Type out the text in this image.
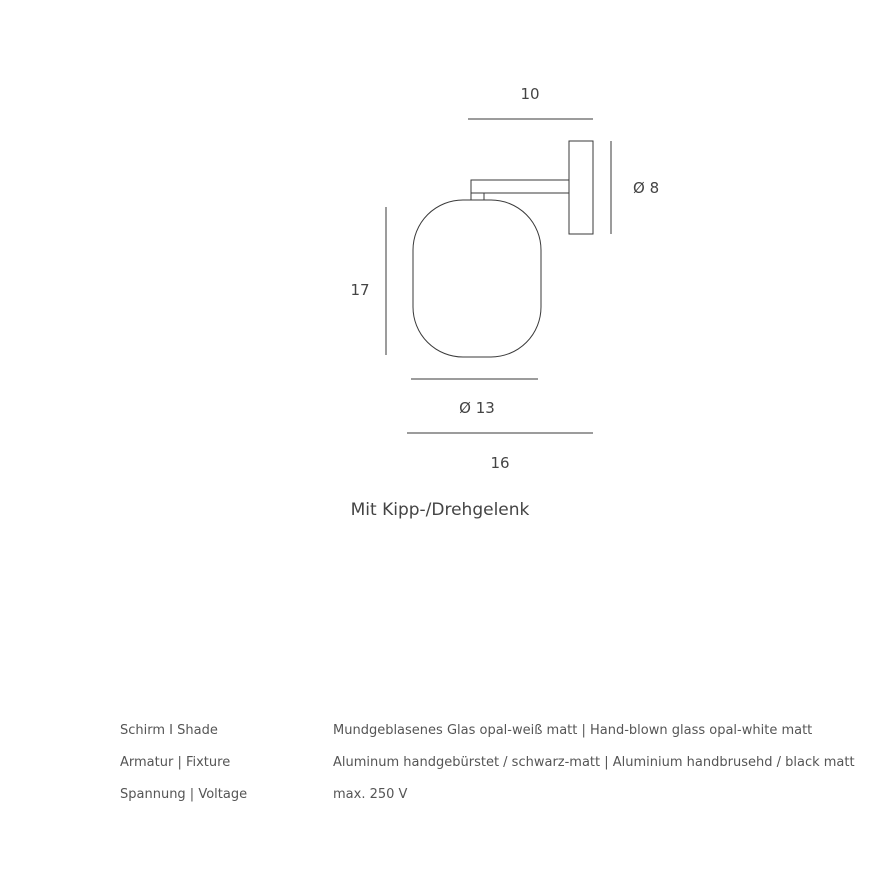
10
Ø 8
17
Ø 13
16
Mit Kipp-/Drehgelenk
Schirm I Shade	Mundgeblasenes Glas opal-weiß matt | Hand-blown glass opal-white matt
Armatur | Fixture	Aluminum handgebürstet / schwarz-matt | Aluminium handbrusehd / black matt
Spannung | Voltage	max. 250 V
